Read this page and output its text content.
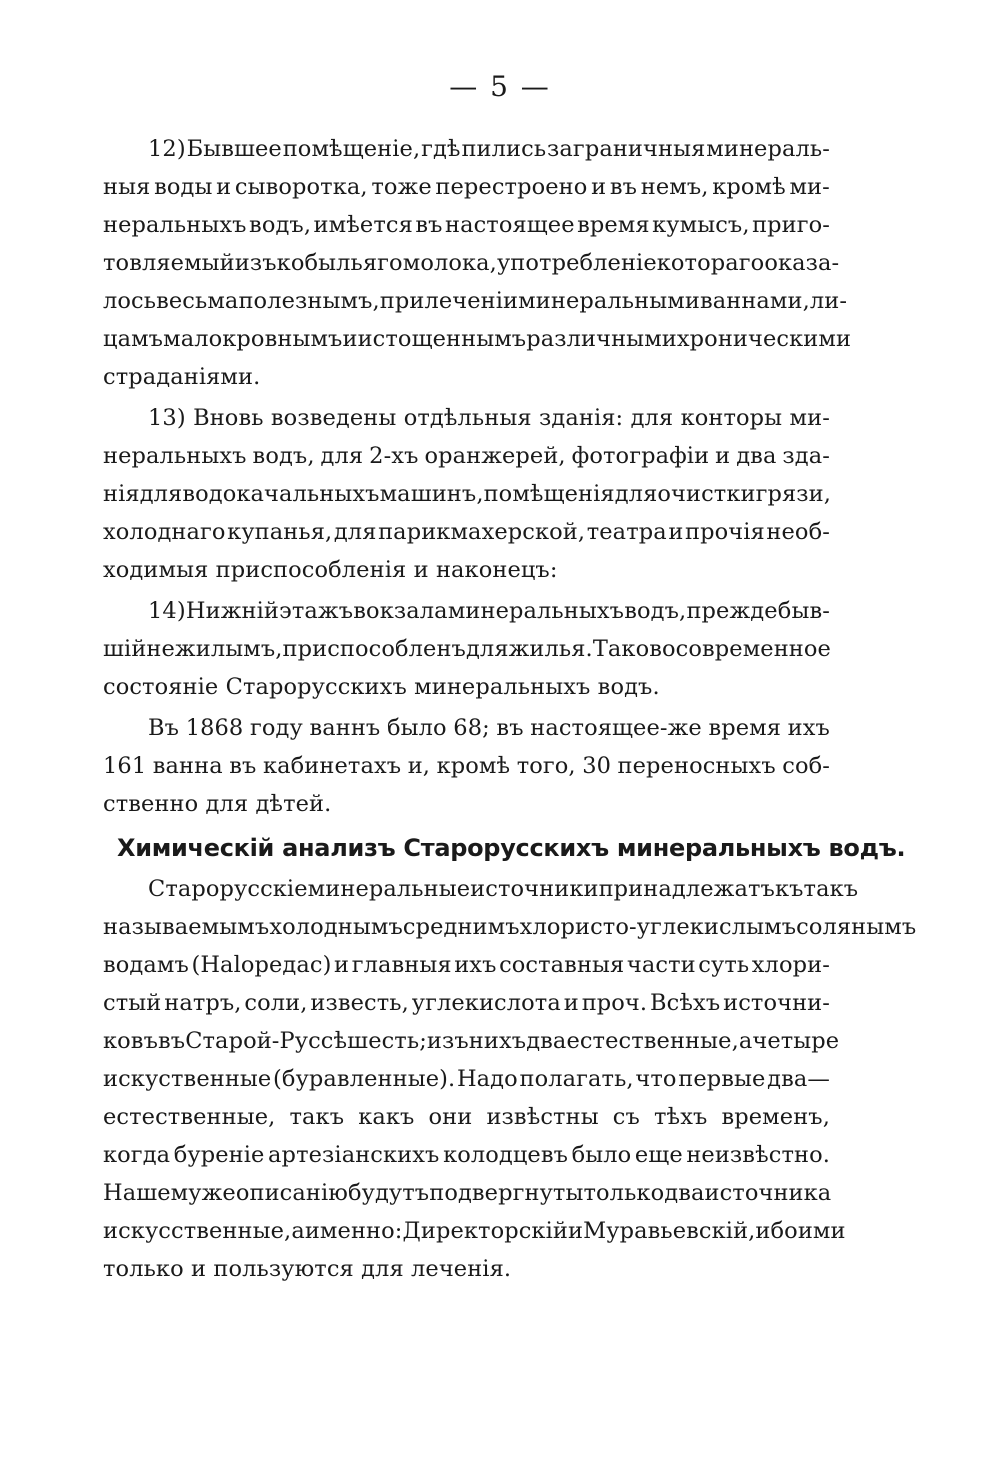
— 5 —
12) Бывшее помѣщеніе, гдѣ пились заграничныя минераль-
ныя воды и сыворотка, тоже перестроено и въ немъ, кромѣ ми-
неральныхъ водъ, имѣется въ настоящее время кумысъ, приго-
товляемый изъ кобыльяго молока, употребленіе котораго оказа-
лось весьма полезнымъ, при леченіи минеральными ваннами, ли-
цамъ малокровнымъ и истощеннымъ различными хроническими
страданіями.

13) Вновь возведены отдѣльныя зданія: для конторы ми-
неральныхъ водъ, для 2-хъ оранжерей, фотографіи и два зда-
нія для водокачальныхъ машинъ, помѣщенія для очистки грязи,
холоднаго купанья, для парикмахерской, театра и прочія необ-
ходимыя
приспособленія
и
наконецъ:

14) Нижній этажъ вокзала минеральныхъ водъ, прежде быв-
шій нежилымъ, приспособленъ для жилья. Таково современное
состояніе
Старорусскихъ
минеральныхъ
водъ.

Въ 1868 году ваннъ было 68; въ настоящее-же время ихъ
161 ванна въ кабинетахъ и, кромѣ того, 30 переносныхъ соб-
ственно
для
дѣтей.

Химическій анализъ Старорусскихъ минеральныхъ водъ.
Старорусскіе минеральные источники принадлежатъ къ такъ
называемымъ холоднымъ среднимъ хлористо-углекислымъ солянымъ
водамъ (Halopeдac) и главныя ихъ составныя части суть хлори-
стый натръ, соли, известь, углекислота и проч. Всѣхъ источни-
ковъ въ Старой-Руссѣ шесть; изъ нихъ два естественные, а четыре
искуственные (буравленные). Надо полагать, что первые два—
естественные, такъ какъ они извѣстны съ тѣхъ временъ,
когда буреніе артезіанскихъ колодцевъ было еще неизвѣстно.
Нашему же описанію будутъ подвергнуты только два источника
искусственные, а именно: Директорскій и Муравьевскій, ибо ими
только
и
пользуются
для
леченія.
